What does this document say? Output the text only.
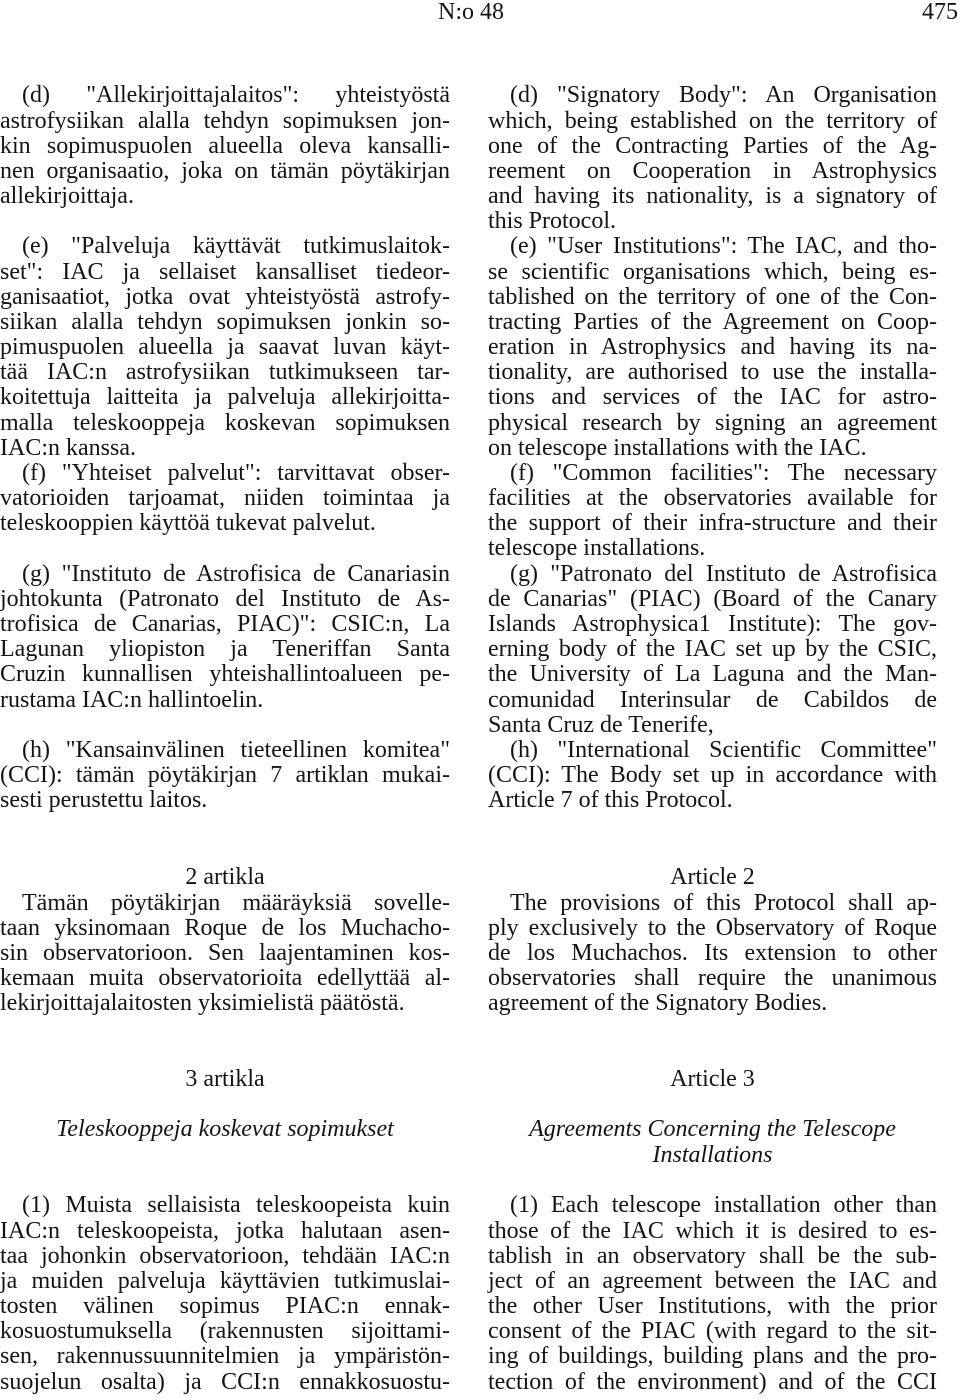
N:o 48	475
(d) "Allekirjoittajalaitos": yhteistyöstä
astrofysiikan alalla tehdyn sopimuksen jon-
kin sopimuspuolen alueella oleva kansalli-
nen organisaatio, joka on tämän pöytäkirjan
allekirjoittaja.
(e) "Palveluja käyttävät tutkimuslaitok-
set": IAC ja sellaiset kansalliset tiedeor-
ganisaatiot, jotka ovat yhteistyöstä astrofy-
siikan alalla tehdyn sopimuksen jonkin so-
pimuspuolen alueella ja saavat luvan käyt-
tää IAC:n astrofysiikan tutkimukseen tar-
koitettuja laitteita ja palveluja allekirjoitta-
malla teleskooppeja koskevan sopimuksen
IAC:n kanssa.
(f) "Yhteiset palvelut": tarvittavat obser-
vatorioiden tarjoamat, niiden toimintaa ja
teleskooppien käyttöä tukevat palvelut.
(g) "Instituto de Astrofisica de Canariasin
johtokunta (Patronato del Instituto de As-
trofisica de Canarias, PIAC)": CSIC:n, La
Lagunan yliopiston ja Teneriffan Santa
Cruzin kunnallisen yhteishallintoalueen pe-
rustama IAC:n hallintoelin.
(h) "Kansainvälinen tieteellinen komitea"
(CCI): tämän pöytäkirjan 7 artiklan mukai-
sesti perustettu laitos.
(d) "Signatory Body": An Organisation
which, being established on the territory of
one of the Contracting Parties of the Ag-
reement on Cooperation in Astrophysics
and having its nationality, is a signatory of
this Protocol.
(e) "User Institutions": The IAC, and tho-
se scientific organisations which, being es-
tablished on the territory of one of the Con-
tracting Parties of the Agreement on Coop-
eration in Astrophysics and having its na-
tionality, are authorised to use the installa-
tions and services of the IAC for astro-
physical research by signing an agreement
on telescope installations with the IAC.
(f) "Common facilities": The necessary
facilities at the observatories available for
the support of their infra-structure and their
telescope installations.
(g) "Patronato del Instituto de Astrofisica
de Canarias" (PIAC) (Board of the Canary
Islands Astrophysica1 Institute): The gov-
erning body of the IAC set up by the CSIC,
the University of La Laguna and the Man-
comunidad Interinsular de Cabildos de
Santa Cruz de Tenerife,
(h) "International Scientific Committee"
(CCI): The Body set up in accordance with
Article 7 of this Protocol.
2 artikla
Tämän pöytäkirjan määräyksiä sovelle-
taan yksinomaan Roque de los Muchacho-
sin observatorioon. Sen laajentaminen kos-
kemaan muita observatorioita edellyttää al-
lekirjoittajalaitosten yksimielistä päätöstä.
Article 2
The provisions of this Protocol shall ap-
ply exclusively to the Observatory of Roque
de los Muchachos. Its extension to other
observatories shall require the unanimous
agreement of the Signatory Bodies.
3 artikla
Teleskooppeja koskevat sopimukset
(1) Muista sellaisista teleskoopeista kuin
IAC:n teleskoopeista, jotka halutaan asen-
taa johonkin observatorioon, tehdään IAC:n
ja muiden palveluja käyttävien tutkimuslai-
tosten välinen sopimus PIAC:n ennak-
kosuostumuksella (rakennusten sijoittami-
sen, rakennussuunnitelmien ja ympäristön-
suojelun osalta) ja CCI:n ennakkosuostu-
Article 3
Agreements Concerning the Telescope
Installations
(1) Each telescope installation other than
those of the IAC which it is desired to es-
tablish in an observatory shall be the sub-
ject of an agreement between the IAC and
the other User Institutions, with the prior
consent of the PIAC (with regard to the sit-
ing of buildings, building plans and the pro-
tection of the environment) and of the CCI
